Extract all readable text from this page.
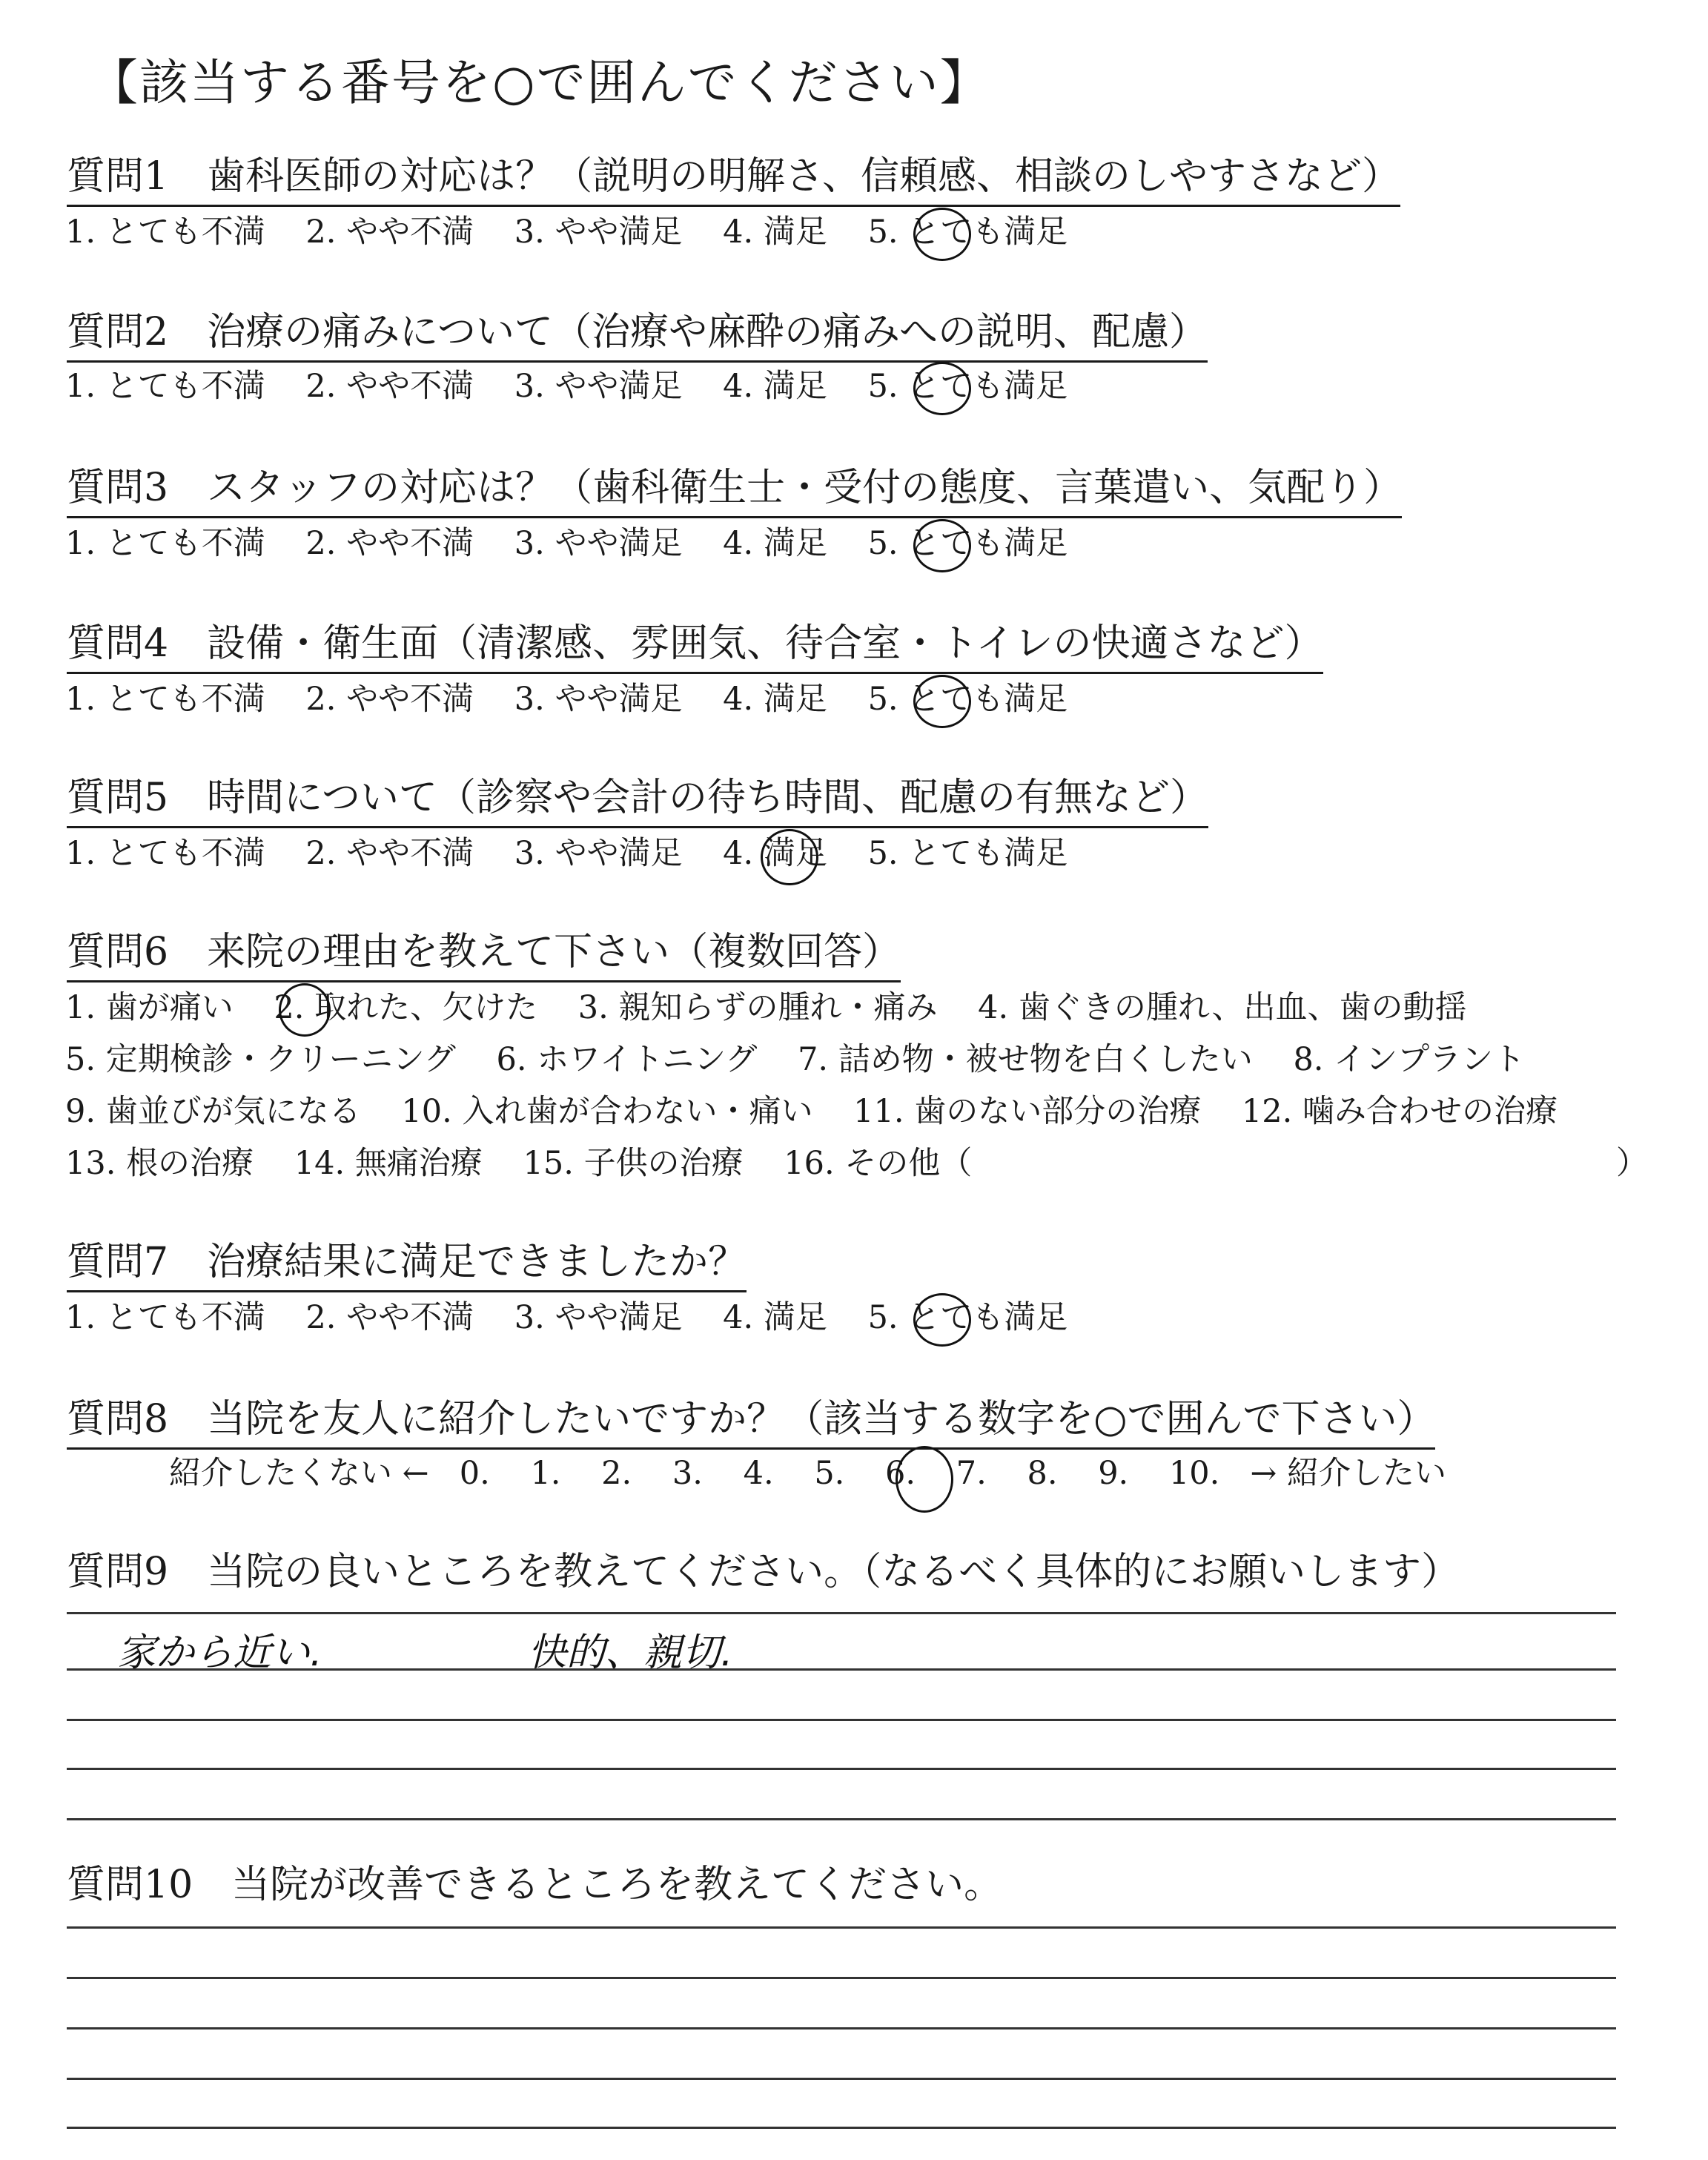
【該当する番号を○で囲んでください】
質問1　歯科医師の対応は？（説明の明解さ、信頼感、相談のしやすさなど）
1. とても不満 2. やや不満 3. やや満足 4. 満足 5. とても満足
質問2　治療の痛みについて（治療や麻酔の痛みへの説明、配慮）
1. とても不満 2. やや不満 3. やや満足 4. 満足 5. とても満足
質問3　スタッフの対応は？（歯科衛生士・受付の態度、言葉遣い、気配り）
1. とても不満 2. やや不満 3. やや満足 4. 満足 5. とても満足
質問4　設備・衛生面（清潔感、雰囲気、待合室・トイレの快適さなど）
1. とても不満 2. やや不満 3. やや満足 4. 満足 5. とても満足
質問5　時間について（診察や会計の待ち時間、配慮の有無など）
1. とても不満 2. やや不満 3. やや満足 4. 満足 5. とても満足
質問6　来院の理由を教えて下さい（複数回答）
1. 歯が痛い 2. 取れた、欠けた 3. 親知らずの腫れ・痛み 4. 歯ぐきの腫れ、出血、歯の動揺
5. 定期検診・クリーニング 6. ホワイトニング 7. 詰め物・被せ物を白くしたい 8. インプラント
9. 歯並びが気になる 10. 入れ歯が合わない・痛い 11. 歯のない部分の治療 12. 噛み合わせの治療
13. 根の治療 14. 無痛治療 15. 子供の治療 16. その他（	）
質問7　治療結果に満足できましたか？
1. とても不満 2. やや不満 3. やや満足 4. 満足 5. とても満足
質問8　当院を友人に紹介したいですか？（該当する数字を○で囲んで下さい）
紹介したくない ← 0. 1. 2. 3. 4. 5. 6. 7. 8. 9. 10. → 紹介したい
質問9　当院の良いところを教えてください。（なるべく具体的にお願いします）
家から近い.	快的、親切.
質問10　当院が改善できるところを教えてください。
